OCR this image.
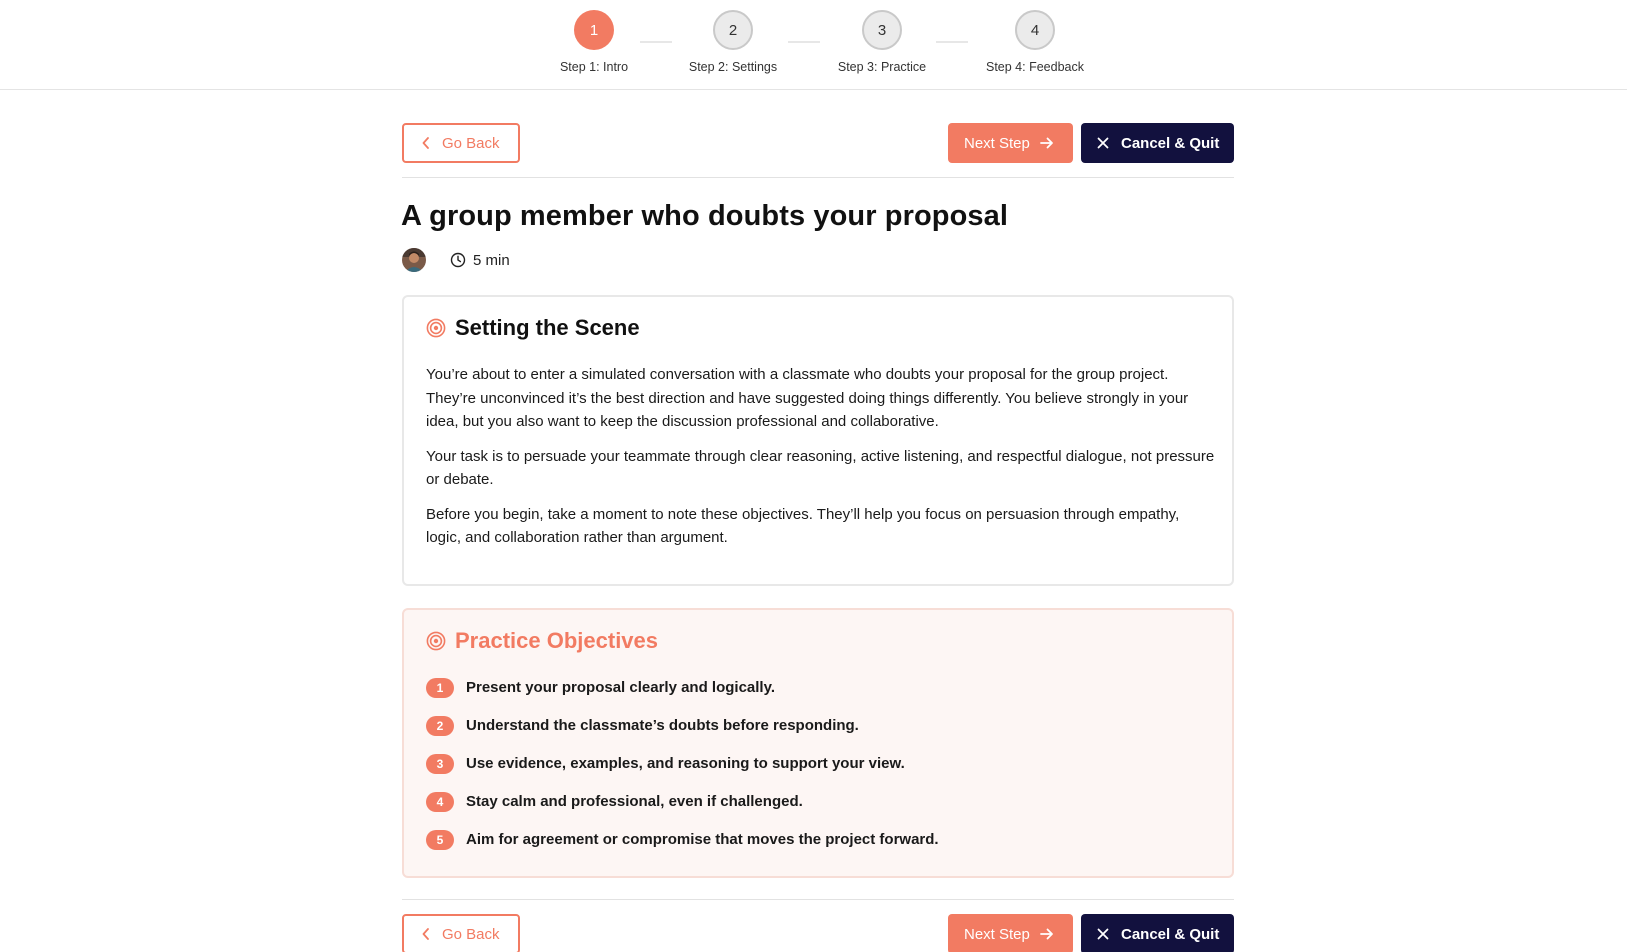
1
Step 1: Intro
2
Step 2: Settings
3
Step 3: Practice
4
Step 4: Feedback
Go Back	Next Step	Cancel & Quit
A group member who doubts your proposal
5 min
Setting the Scene

You’re about to enter a simulated conversation with a classmate who doubts your proposal for the group project. They’re unconvinced it’s the best direction and have suggested doing things differently. You believe strongly in your idea, but you also want to keep the discussion professional and collaborative.

Your task is to persuade your teammate through clear reasoning, active listening, and respectful dialogue, not pressure or debate.

Before you begin, take a moment to note these objectives. They’ll help you focus on persuasion through empathy, logic, and collaboration rather than argument.

Practice Objectives
1	Present your proposal clearly and logically.
2	Understand the classmate’s doubts before responding.
3	Use evidence, examples, and reasoning to support your view.
4	Stay calm and professional, even if challenged.
5	Aim for agreement or compromise that moves the project forward.
Go Back	Next Step	Cancel & Quit
